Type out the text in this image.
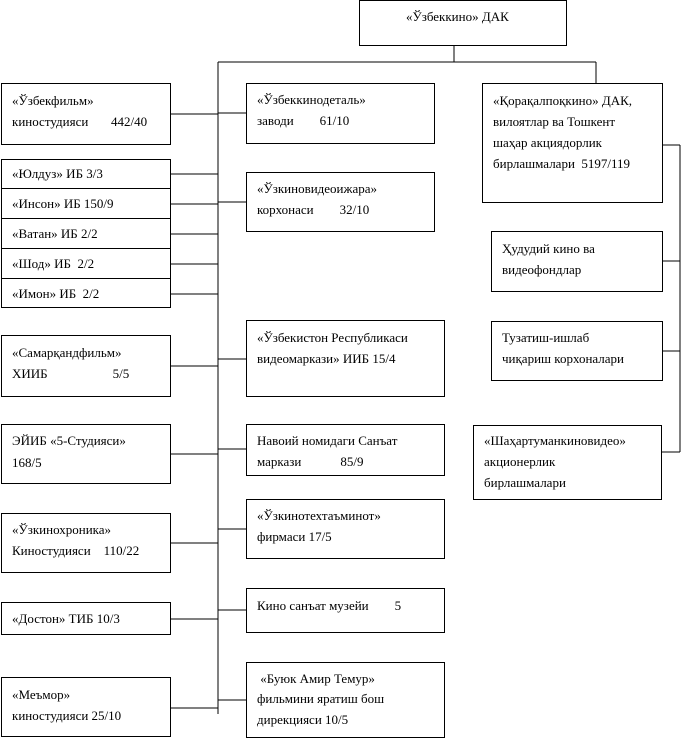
«Ўзбеккино» ДАК
«Ўзбекфильм»
киностудияси       442/40
«Юлдуз» ИБ 3/3
«Инсон» ИБ 150/9
«Ватан» ИБ 2/2
«Шод» ИБ  2/2
«Имон» ИБ  2/2
«Самарқандфильм»
ХИИБ                    5/5
ЭЙИБ «5-Студияси»
168/5
«Ўзкинохроника»
Киностудияси    110/22
«Достон» ТИБ 10/3
«Меъмор»
киностудияси 25/10
«Ўзбеккинодеталь»
заводи        61/10
«Ўзкиновидеоижара»
корхонаси        32/10
«Ўзбекистон Республикаси
видеомаркази» ИИБ 15/4
Навоий номидаги Санъат
маркази            85/9
«Ўзкинотехтаъминот»
фирмаси 17/5
Кино санъат музейи        5
«Буюк Амир Темур»
фильмини яратиш бош
дирекцияси 10/5
«Қорақалпоқкино» ДАК,
вилоятлар ва Тошкент
шаҳар акциядорлик
бирлашмалари  5197/119
Ҳудудий кино ва
видеофондлар
Тузатиш-ишлаб
чиқариш корхоналари
«Шаҳартуманкиновидео»
акционерлик
бирлашмалари
